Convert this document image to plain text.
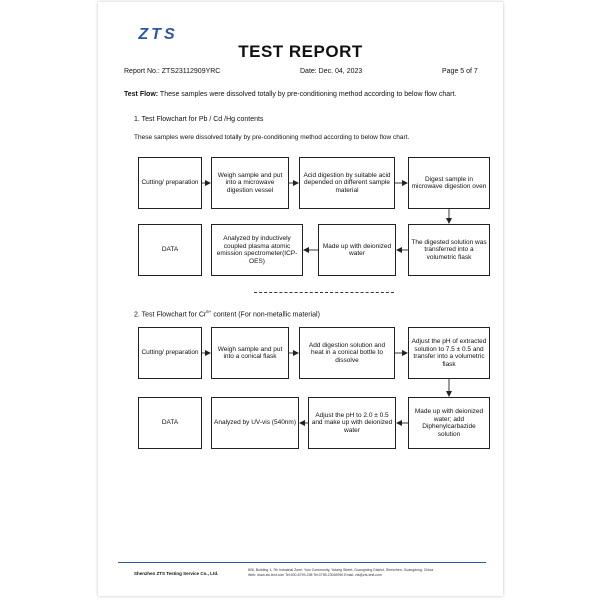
ZTS
TEST REPORT
Report No.: ZTS23112909YRC	Date: Dec. 04, 2023	Page 5 of 7
Test Flow: These samples were dissolved totally by pre-conditioning method according to below flow chart.
1. Test Flowchart for Pb / Cd /Hg contents
These samples were dissolved totally by pre-conditioning method according to below flow chart.
Cutting/ preparation
Weigh sample and put into a microwave digestion vessel
Acid digestion by suitable acid depended on different sample material
Digest sample in microwave digestion oven
The digested solution was transferred into a volumetric flask
Made up with deionized water
Analyzed by inductively coupled plasma atomic emission spectrometer(ICP-OES)
DATA
2. Test Flowchart for $Cr^{6+}$ content (For non-metallic material)
Cutting/ preparation
Weigh sample and put into a conical flask
Add digestion solution and heat in a conical bottle to dissolve
Adjust the pH of extracted solution to 7.5 ± 0.5 and transfer into a volumetric flask
Made up with deionized water; add Diphenylcarbazide solution
Adjust the pH to 2.0 ± 0.5 and make up with deionized water
Analyzed by UV-vis (540nm)
DATA
Shenzhen ZTS Testing Service Co., Ltd.
806, Building 1, 7th Industrial Zone, Yulu Community, Yutang Street, Guangming District, Shenzhen, Guangdong, China
Web: www.zts-test.com Tel:400-6799-298 Tel:0755-23045950 Email: zts@zts-test.com
